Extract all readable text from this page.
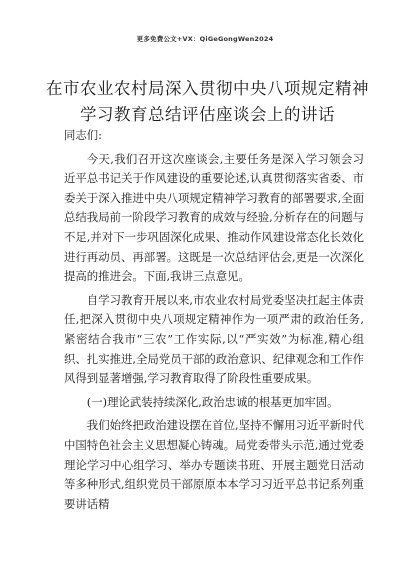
更多免费公文+VX：QiGeGongWen2024
在市农业农村局深入贯彻中央八项规定精神学习教育总结评估座谈会上的讲话

同志们:

今天,我们召开这次座谈会,主要任务是深入学习领会习近平总书记关于作风建设的重要论述,认真贯彻落实省委、市委关于深入推进中央八项规定精神学习教育的部署要求,全面总结我局前一阶段学习教育的成效与经验,分析存在的问题与不足,并对下一步巩固深化成果、推动作风建设常态化长效化进行再动员、再部署。这既是一次总结评估会,更是一次深化提高的推进会。下面,我讲三点意见。

自学习教育开展以来,市农业农村局党委坚决扛起主体责任,把深入贯彻中央八项规定精神作为一项严肃的政治任务,紧密结合我市“三农”工作实际,以“严实效”为标准,精心组织、扎实推进,全局党员干部的政治意识、纪律观念和工作作风得到显著增强,学习教育取得了阶段性重要成果。

(一)理论武装持续深化,政治忠诚的根基更加牢固。

我们始终把政治建设摆在首位,坚持不懈用习近平新时代中国特色社会主义思想凝心铸魂。局党委带头示范,通过党委理论学习中心组学习、举办专题读书班、开展主题党日活动等多种形式,组织党员干部原原本本学习习近平总书记系列重要讲话精
